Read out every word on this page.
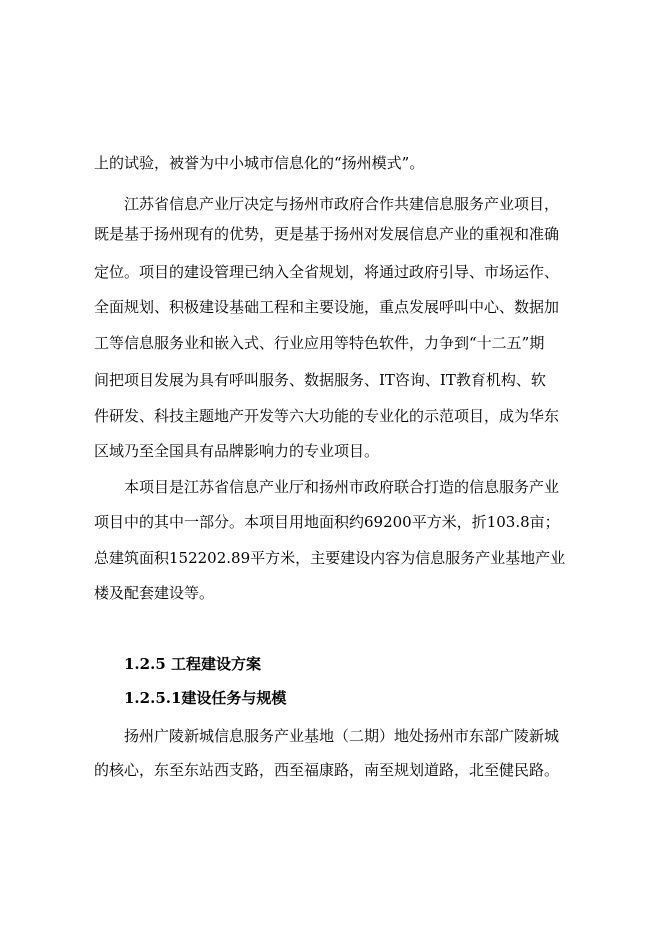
上的试验，被誉为中小城市信息化的“扬州模式”。
江苏省信息产业厅决定与扬州市政府合作共建信息服务产业项目，
既是基于扬州现有的优势，更是基于扬州对发展信息产业的重视和准确
定位。项目的建设管理已纳入全省规划，将通过政府引导、市场运作、
全面规划、积极建设基础工程和主要设施，重点发展呼叫中心、数据加
工等信息服务业和嵌入式、行业应用等特色软件，力争到“十二五”期
间把项目发展为具有呼叫服务、数据服务、IT咨询、IT教育机构、软
件研发、科技主题地产开发等六大功能的专业化的示范项目，成为华东
区域乃至全国具有品牌影响力的专业项目。
本项目是江苏省信息产业厅和扬州市政府联合打造的信息服务产业
项目中的其中一部分。本项目用地面积约69200平方米，折103.8亩；
总建筑面积152202.89平方米，主要建设内容为信息服务产业基地产业
楼及配套建设等。
1.2.5 工程建设方案
1.2.5.1建设任务与规模
扬州广陵新城信息服务产业基地（二期）地处扬州市东部广陵新城
的核心，东至东站西支路，西至福康路，南至规划道路，北至健民路。
